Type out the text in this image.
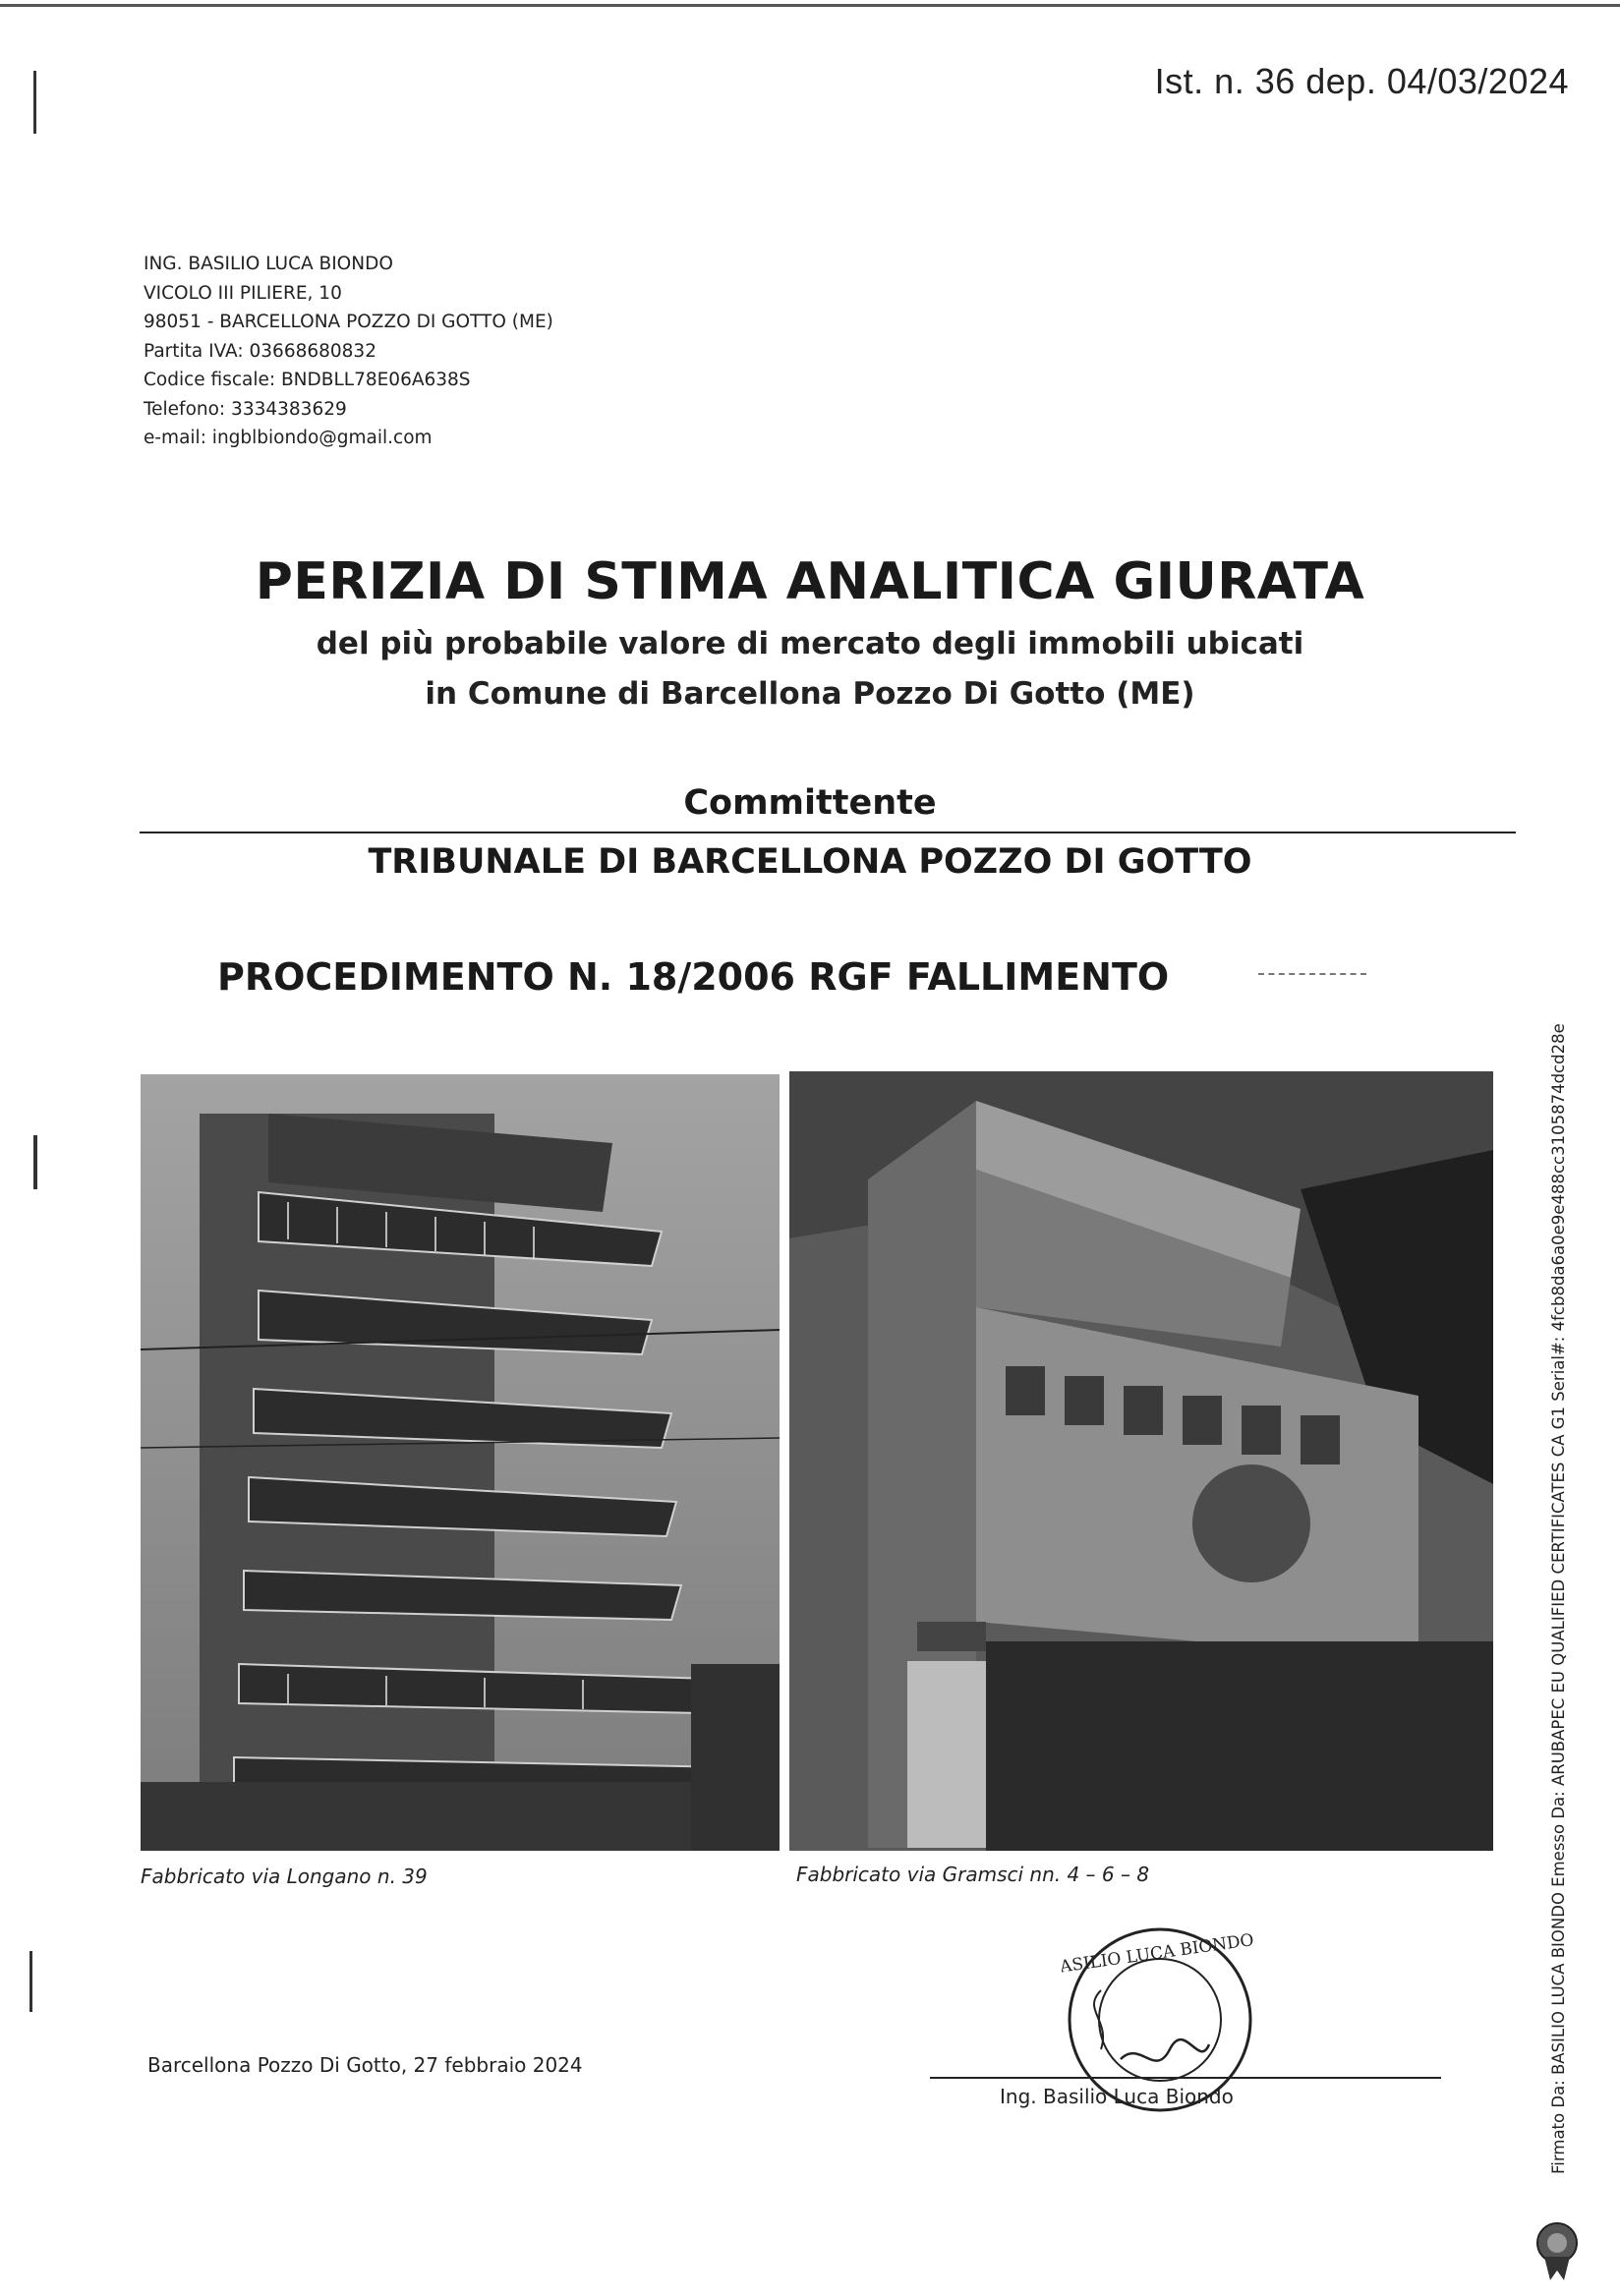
Ist. n. 36 dep. 04/03/2024
ING. BASILIO LUCA BIONDO
VICOLO III PILIERE, 10
98051 - BARCELLONA POZZO DI GOTTO (ME)
Partita IVA: 03668680832
Codice fiscale: BNDBLL78E06A638S
Telefono: 3334383629
e-mail: ingblbiondo@gmail.com
PERIZIA DI STIMA ANALITICA GIURATA
del più probabile valore di mercato degli immobili ubicati
in Comune di Barcellona Pozzo Di Gotto (ME)
Committente
TRIBUNALE DI BARCELLONA POZZO DI GOTTO
PROCEDIMENTO N. 18/2006 RGF FALLIMENTO
Fabbricato via Longano n. 39	Fabbricato via Gramsci nn. 4 – 6 – 8
BASILIO LUCA BIONDO
Barcellona Pozzo Di Gotto, 27 febbraio 2024
Ing. Basilio Luca Biondo	Firmato Da: BASILIO LUCA BIONDO Emesso Da: ARUBAPEC EU QUALIFIED CERTIFICATES CA G1 Serial#: 4fcb8da6a0e9e488cc3105874dcd28e
